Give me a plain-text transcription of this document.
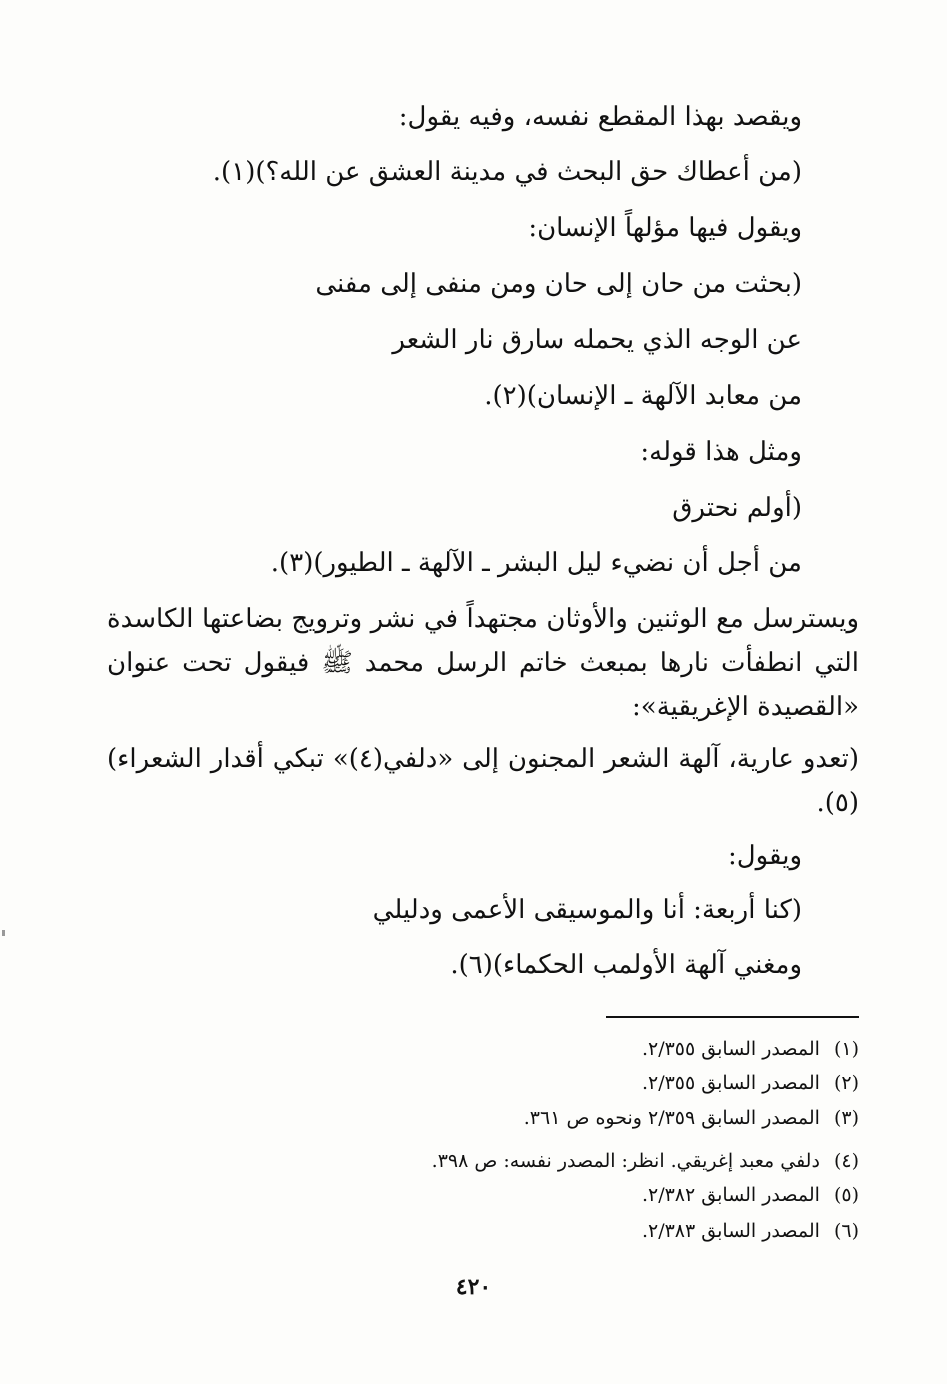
ويقصد بهذا المقطع نفسه، وفيه يقول:
(من أعطاك حق البحث في مدينة العشق عن الله؟)(١).
ويقول فيها مؤلهاً الإنسان:
(بحثت من حان إلى حان ومن منفى إلى مفنى
عن الوجه الذي يحمله سارق نار الشعر
من معابد الآلهة ـ الإنسان)(٢).
ومثل هذا قوله:
(أولم نحترق
من أجل أن نضيء ليل البشر ـ الآلهة ـ الطيور)(٣).
ويسترسل مع الوثنين والأوثان مجتهداً في نشر وترويج بضاعتها الكاسدة التي انطفأت نارها بمبعث خاتم الرسل محمد ﷺ فيقول تحت عنوان «القصيدة الإغريقية»:
(تعدو عارية، آلهة الشعر المجنون إلى «دلفي(٤)» تبكي أقدار الشعراء)(٥).
ويقول:
(كنا أربعة: أنا والموسيقى الأعمى ودليلي
ومغني آلهة الأولمب الحكماء)(٦).
(١)المصدر السابق ٢/٣٥٥.
(٢)المصدر السابق ٢/٣٥٥.
(٣)المصدر السابق ٢/٣٥٩ ونحوه ص ٣٦١.
(٤)دلفي معبد إغريقي. انظر: المصدر نفسه: ص ٣٩٨.
(٥)المصدر السابق ٢/٣٨٢.
(٦)المصدر السابق ٢/٣٨٣.
٤٢٠
